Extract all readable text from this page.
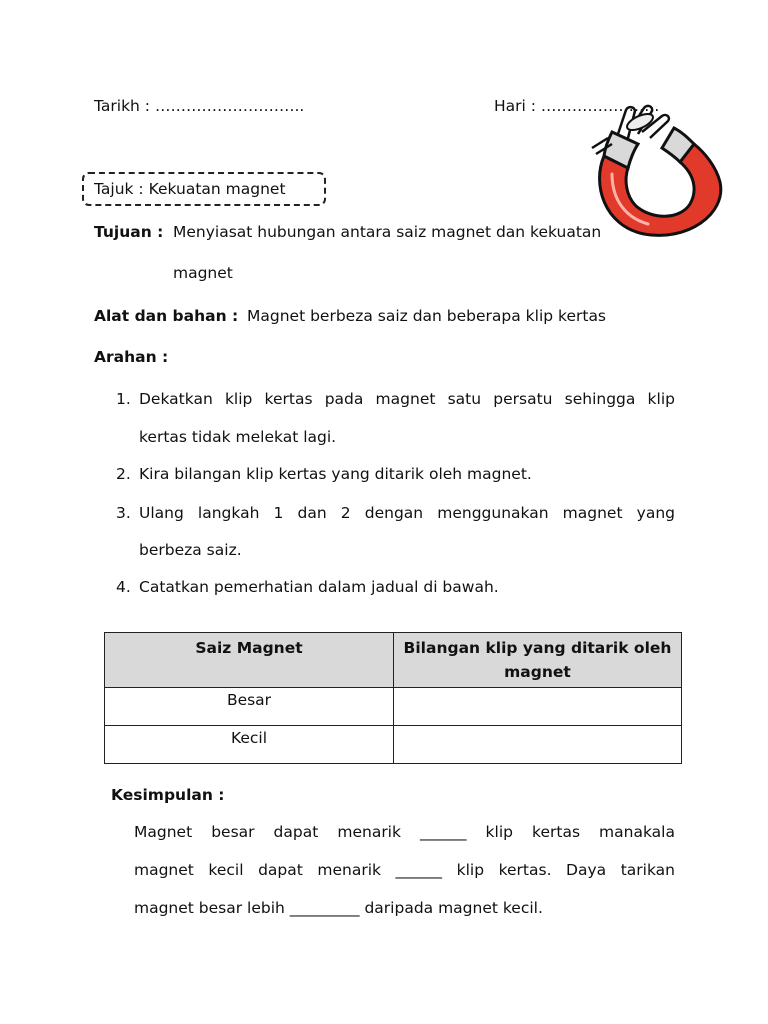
Tarikh : ………………………..	Hari : …………………..
Tajuk : Kekuatan magnet
Tujuan : Menyiasat hubungan antara saiz magnet dan kekuatan
magnet
Alat dan bahan : Magnet berbeza saiz dan beberapa klip kertas
Arahan :
1. Dekatkan klip kertas pada magnet satu persatu sehingga klip
kertas tidak melekat lagi.
2. Kira bilangan klip kertas yang ditarik oleh magnet.
3. Ulang langkah 1 dan 2 dengan menggunakan magnet yang
berbeza saiz.
4. Catatkan pemerhatian dalam jadual di bawah.
Saiz Magnet	Bilangan klip yang ditarik oleh magnet
Besar	
Kecil	
Kesimpulan :
Magnet besar dapat menarik ______ klip kertas manakala
magnet kecil dapat menarik ______ klip kertas. Daya tarikan
magnet besar lebih _________ daripada magnet kecil.
